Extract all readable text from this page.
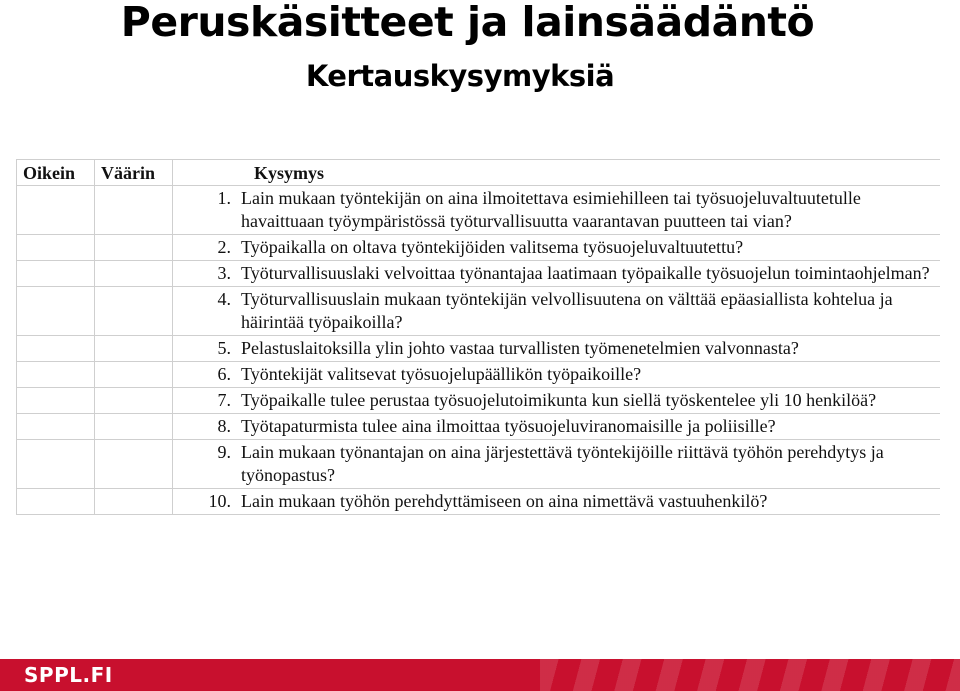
Peruskäsitteet ja lainsäädäntö
Kertauskysymyksiä
Oikein	Väärin	Kysymys

		1. Lain mukaan työntekijän on aina ilmoitettava esimiehilleen tai työsuojeluvaltuutetulle havaittuaan työympäristössä työturvallisuutta vaarantavan puutteen tai vian?

		2. Työpaikalla on oltava työntekijöiden valitsema työsuojeluvaltuutettu?

		3. Työturvallisuuslaki velvoittaa työnantajaa laatimaan työpaikalle työsuojelun toimintaohjelman?

		4. Työturvallisuuslain mukaan työntekijän velvollisuutena on välttää epäasiallista kohtelua ja häirintää työpaikoilla?

		5. Pelastuslaitoksilla ylin johto vastaa turvallisten työmenetelmien valvonnasta?

		6. Työntekijät valitsevat työsuojelupäällikön työpaikoille?

		7. Työpaikalle tulee perustaa työsuojelutoimikunta kun siellä työskentelee yli 10 henkilöä?

		8. Työtapaturmista tulee aina ilmoittaa työsuojeluviranomaisille ja poliisille?

		9. Lain mukaan työnantajan on aina järjestettävä työntekijöille riittävä työhön perehdytys ja työnopastus?

		10. Lain mukaan työhön perehdyttämiseen on aina nimettävä vastuuhenkilö?
SPPL.FI
